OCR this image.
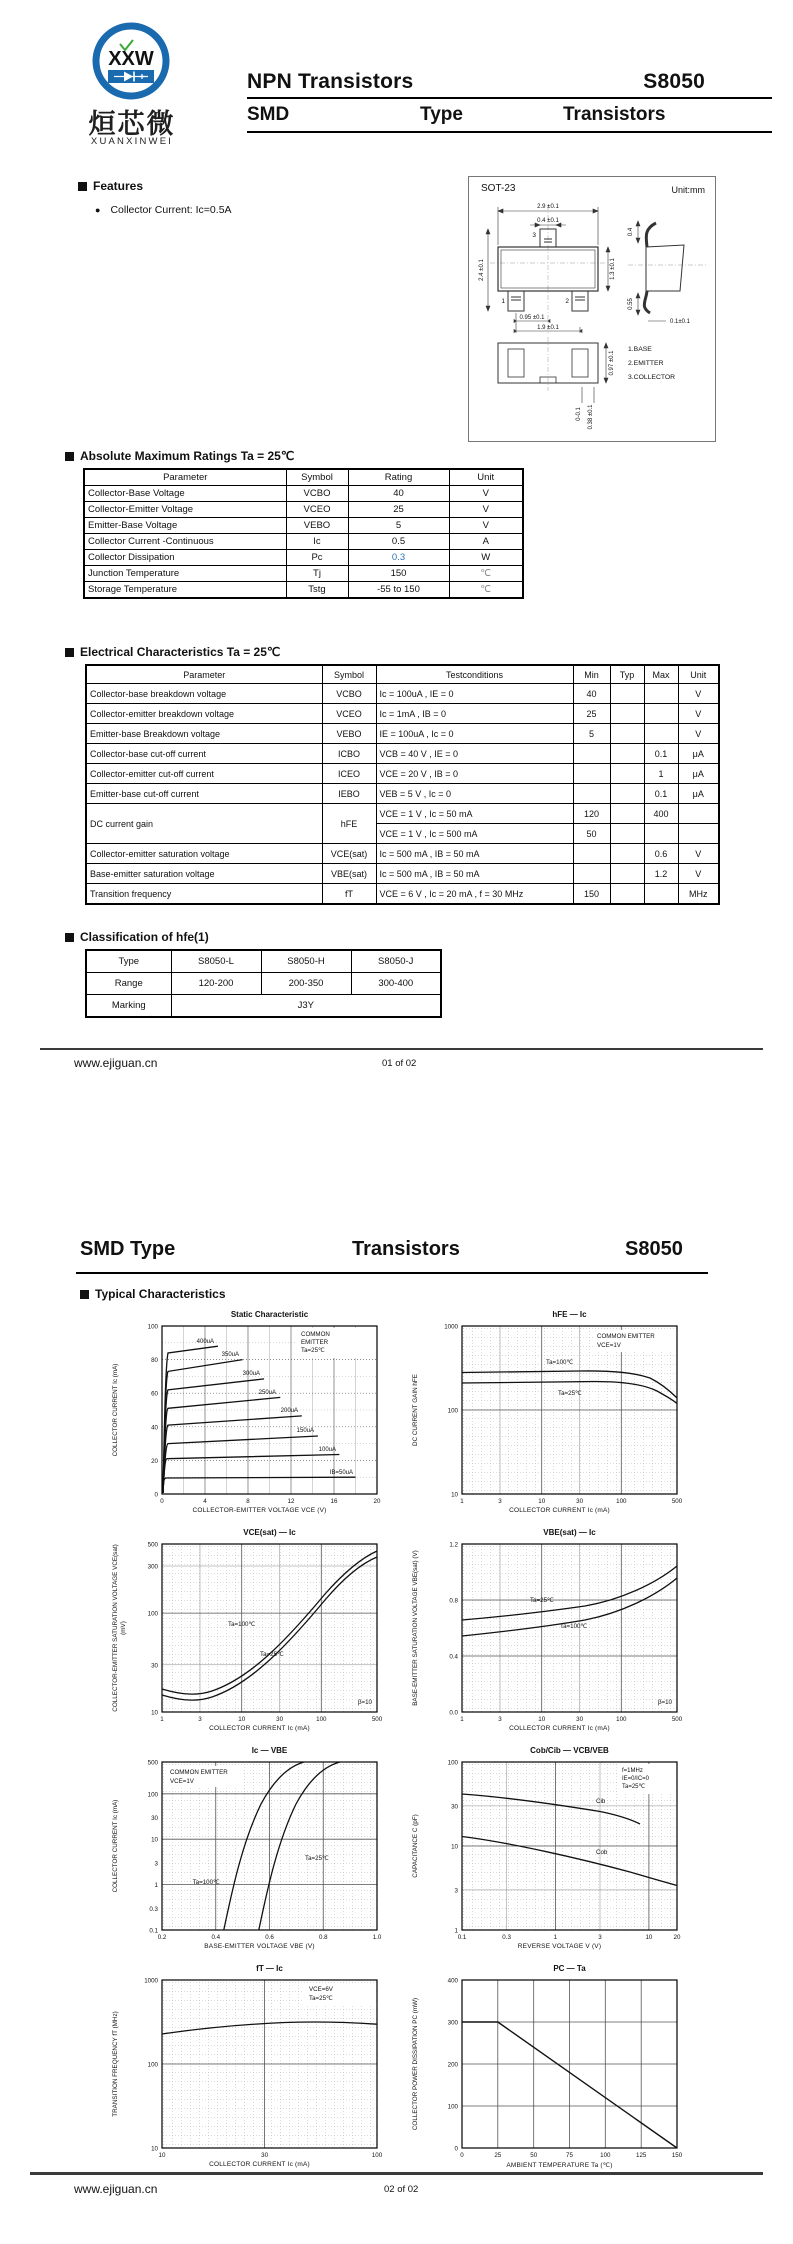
XXW
烜芯微
XUANXINWEI
NPN Transistors	S8050
SMD	Type	Transistors
Features
● Collector Current: Ic=0.5A
SOT-23	Unit:mm
2.9 ±0.1
0.4 ±0.1
2.4 ±0.1	1.3 ±0.1
0.95 ±0.1
1.9 ±0.1
3
1	2
0.4
0.55
0.1±0.1
0.97 ±0.1
0-0.1 0.38 ±0.1
1.BASE
2.EMITTER
3.COLLECTOR
Absolute Maximum Ratings Ta = 25℃
Parameter	Symbol	Rating	Unit
Collector-Base Voltage	VCBO	40	V
Collector-Emitter Voltage	VCEO	25	V
Emitter-Base Voltage	VEBO	5	V
Collector Current -Continuous	Ic	0.5	A
Collector Dissipation	Pc	0.3	W
Junction Temperature	Tj	150	℃
Storage Temperature	Tstg	-55 to 150	℃
Electrical Characteristics Ta = 25℃
Parameter	Symbol	Testconditions	Min	Typ	Max	Unit
Collector-base breakdown voltage	VCBO	Ic = 100uA , IE = 0	40			V
Collector-emitter breakdown voltage	VCEO	Ic = 1mA , IB = 0	25			V
Emitter-base Breakdown voltage	VEBO	IE = 100uA , Ic = 0	5			V
Collector-base cut-off current	ICBO	VCB = 40 V , IE = 0			0.1	μA
Collector-emitter cut-off current	ICEO	VCE = 20 V , IB = 0			1	μA
Emitter-base cut-off current	IEBO	VEB = 5 V , Ic = 0			0.1	μA
DC current gain	hFE	VCE = 1 V , Ic = 50 mA	120		400	
		VCE = 1 V , Ic = 500 mA	50			
Collector-emitter saturation voltage	VCE(sat)	Ic = 500 mA , IB = 50 mA			0.6	V
Base-emitter saturation voltage	VBE(sat)	Ic = 500 mA , IB = 50 mA			1.2	V
Transition frequency	fT	VCE = 6 V , Ic = 20 mA , f = 30 MHz	150			MHz
Classification of hfe(1)
Type	S8050-L	S8050-H	S8050-J
Range	120-200	200-350	300-400
Marking	J3Y		
www.ejiguan.cn	01 of 02
SMD Type	Transistors	S8050
Typical Characteristics
Static Characteristic
COLLECTOR CURRENT Ic (mA)
COMMON
EMITTER
Ta=25℃
400uA
350uA
300uA
250uA
200uA
150uA
100uA
IB=50uA
0	4	8	12	16	20
0
20
40
60
80
100
COLLECTOR-EMITTER VOLTAGE VCE (V)
hFE — Ic
DC CURRENT GAIN hFE
COMMON EMITTER
VCE=1V
Ta=100℃
Ta=25℃
1	3	10	30	100	500
10
100
1000
COLLECTOR CURRENT Ic (mA)
VCE(sat) — Ic
COLLECTOR-EMITTER SATURATION VOLTAGE VCE(sat) (mV)	Ta=100℃
Ta=25℃
β=10
1	3	10	30	100	500
10
30
100
300
500
COLLECTOR CURRENT Ic (mA)
VBE(sat) — Ic
BASE-EMITTER SATURATION VOLTAGE VBE(sat) (V)	Ta=25℃
Ta=100℃
β=10
1	3	10	30	100	500
0.0
0.4
0.8
1.2
COLLECTOR CURRENT Ic (mA)
Ic — VBE
COLLECTOR CURRENT Ic (mA)
COMMON EMITTER
VCE=1V
Ta=100℃
Ta=25℃
0.2	0.4	0.6	0.8	1.0
0.1
0.3
1
3
10
30
100
500
BASE-EMITTER VOLTAGE VBE (V)
Cob/Cib — VCB/VEB
CAPACITANCE C (pF)
f=1MHz
IE=0/IC=0
Ta=25℃
Cib
Cob
0.1	0.3	1	3	10	20
1
3
10
30
100
REVERSE VOLTAGE V (V)
fT — Ic
TRANSITION FREQUENCY fT (MHz)
VCE=6V
Ta=25℃
10	30	100
10
100
1000
COLLECTOR CURRENT Ic (mA)
PC — Ta
COLLECTOR POWER DISSIPATION PC (mW)
0	25	50	75	100	125	150
0
100
200
300
400
AMBIENT TEMPERATURE Ta (℃)
www.ejiguan.cn	02 of 02
